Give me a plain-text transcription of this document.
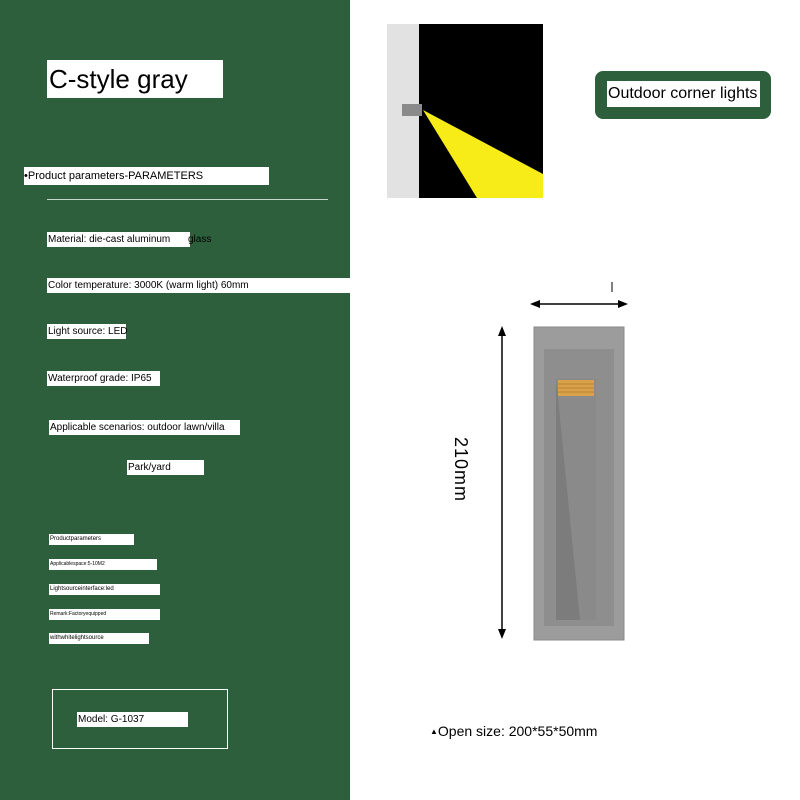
C-style gray
•Product parameters-PARAMETERS
Material: die-cast aluminum	glass
Color temperature: 3000K (warm light) 60mm
Light source: LED
Waterproof grade: IP65
Applicable scenarios: outdoor lawn/villa
Park/yard
Productparameters
Applicablespace:5-10M2
Lightsourceinterface:led
Remark:Factoryequipped
withwhitelightsource
Model: G-1037
Outdoor corner lights
210mm
▲Open size: 200*55*50mm
